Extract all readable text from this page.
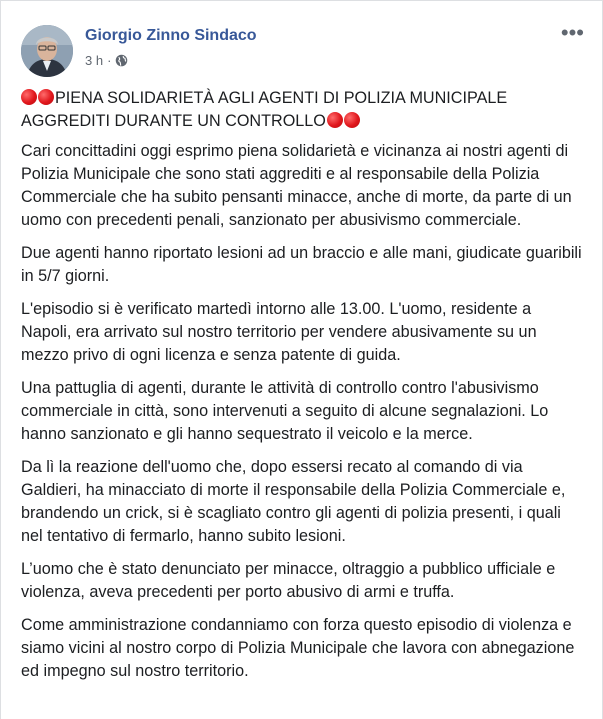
Giorgio Zinno Sindaco
3 h ·
•••
PIENA SOLIDARIETÀ AGLI AGENTI DI POLIZIA MUNICIPALE AGGREDITI DURANTE UN CONTROLLO

Cari concittadini oggi esprimo piena solidarietà e vicinanza ai nostri agenti di Polizia Municipale che sono stati aggrediti e al responsabile della Polizia Commerciale che ha subito pensanti minacce, anche di morte, da parte di un uomo con precedenti penali, sanzionato per abusivismo commerciale.

Due agenti hanno riportato lesioni ad un braccio e alle mani, giudicate guaribili in 5/7 giorni.

L'episodio si è verificato martedì intorno alle 13.00. L'uomo, residente a Napoli, era arrivato sul nostro territorio per vendere abusivamente su un mezzo privo di ogni licenza e senza patente di guida.

Una pattuglia di agenti, durante le attività di controllo contro l'abusivismo commerciale in città, sono intervenuti a seguito di alcune segnalazioni. Lo hanno sanzionato e gli hanno sequestrato il veicolo e la merce.

Da lì la reazione dell'uomo che, dopo essersi recato al comando di via Galdieri, ha minacciato di morte il responsabile della Polizia Commerciale e, brandendo un crick, si è scagliato contro gli agenti di polizia presenti, i quali nel tentativo di fermarlo, hanno subito lesioni.

L’uomo che è stato denunciato per minacce, oltraggio a pubblico ufficiale e violenza, aveva precedenti per porto abusivo di armi e truffa.

Come amministrazione condanniamo con forza questo episodio di violenza e siamo vicini al nostro corpo di Polizia Municipale che lavora con abnegazione ed impegno sul nostro territorio.
